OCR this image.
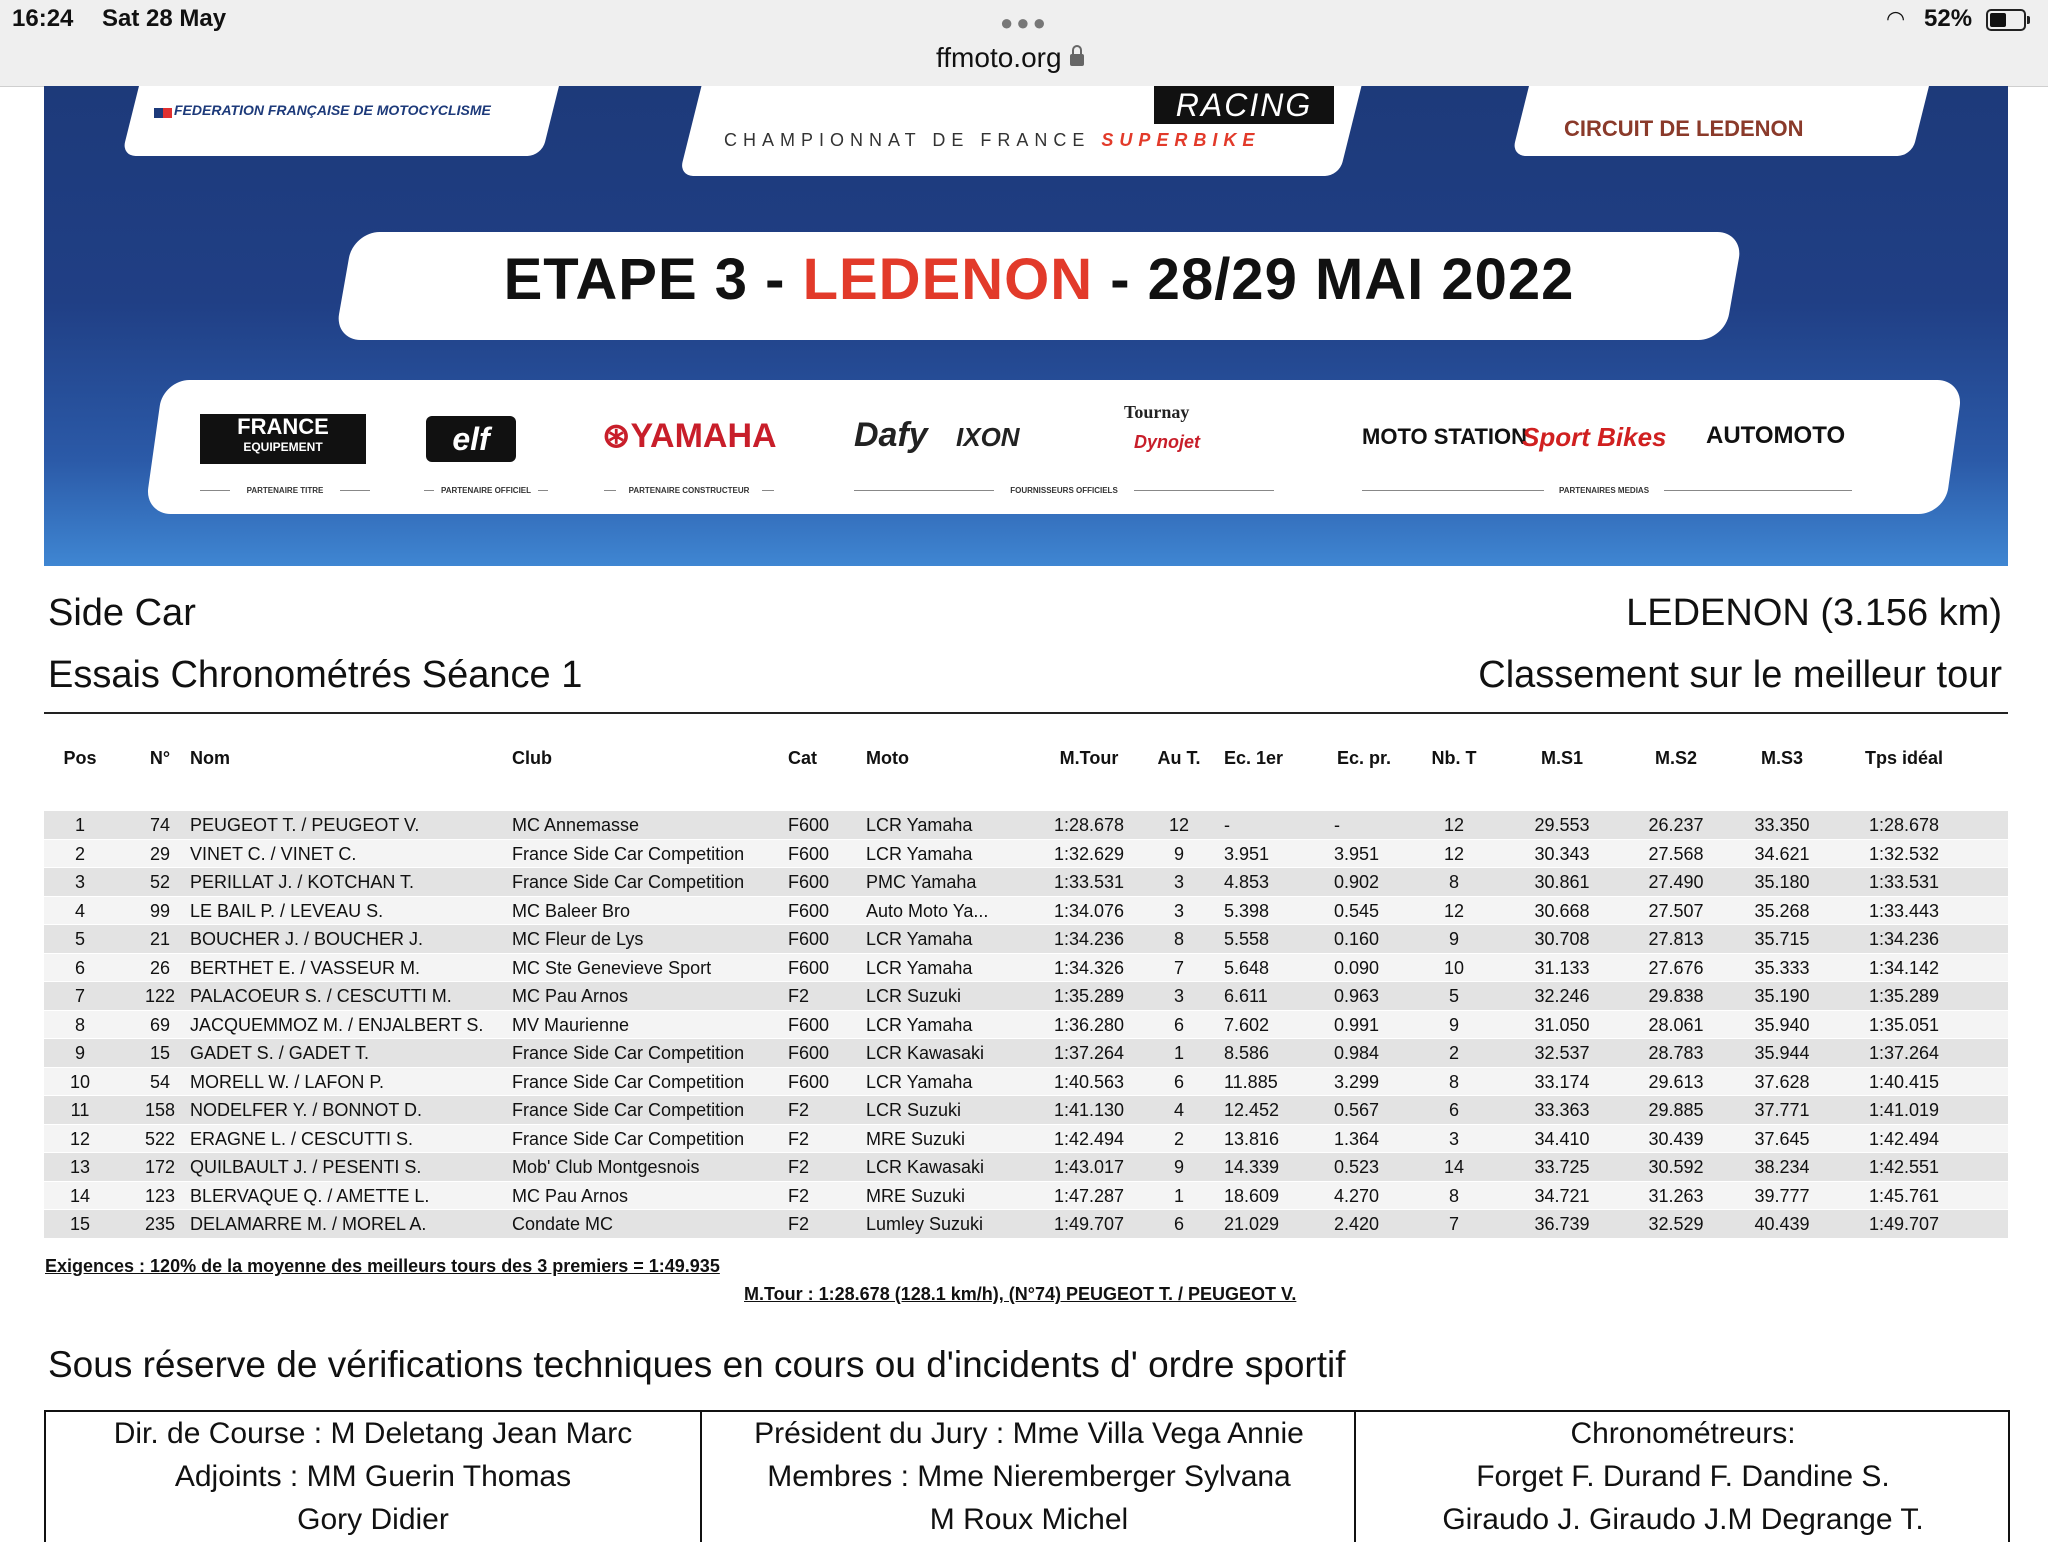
16:24 Sat 28 May	●●●
ffmoto.org
◠ 52%
FEDERATION FRANÇAISE DE MOTOCYCLISME	RACING
CHAMPIONNAT DE FRANCE SUPERBIKE	CIRCUIT DE LEDENON
ETAPE 3 - LEDENON - 28/29 MAI 2022
FRANCE
EQUIPEMENT	elf	⊛YAMAHA Dafy IXON
Tournay
Dynojet	MOTO STATION
Sport Bikes AUTOMOTO
PARTENAIRE TITRE	PARTENAIRE OFFICIEL	PARTENAIRE CONSTRUCTEUR	FOURNISSEURS OFFICIELS	PARTENAIRES MEDIAS
Side Car
Essais Chronométrés Séance 1
LEDENON (3.156 km)
Classement sur le meilleur tour
Pos	N°	Nom	Club	Cat	Moto	M.Tour	Au T.	Ec. 1er	Ec. pr.	Nb. T	M.S1	M.S2	M.S3	Tps idéal
1	74	PEUGEOT T. / PEUGEOT V.	MC Annemasse	F600	LCR Yamaha	1:28.678	12	-	-	12	29.553	26.237	33.350	1:28.678
2	29	VINET C. / VINET C.	France Side Car Competition	F600	LCR Yamaha	1:32.629	9	3.951	3.951	12	30.343	27.568	34.621	1:32.532
3	52	PERILLAT J. / KOTCHAN T.	France Side Car Competition	F600	PMC Yamaha	1:33.531	3	4.853	0.902	8	30.861	27.490	35.180	1:33.531
4	99	LE BAIL P. / LEVEAU S.	MC Baleer Bro	F600	Auto Moto Ya...	1:34.076	3	5.398	0.545	12	30.668	27.507	35.268	1:33.443
5	21	BOUCHER J. / BOUCHER J.	MC Fleur de Lys	F600	LCR Yamaha	1:34.236	8	5.558	0.160	9	30.708	27.813	35.715	1:34.236
6	26	BERTHET E. / VASSEUR M.	MC Ste Genevieve Sport	F600	LCR Yamaha	1:34.326	7	5.648	0.090	10	31.133	27.676	35.333	1:34.142
7	122 PALACOEUR S. / CESCUTTI M.	MC Pau Arnos	F2	LCR Suzuki	1:35.289	3	6.611	0.963	5	32.246	29.838	35.190	1:35.289
8	69	JACQUEMMOZ M. / ENJALBERT S.	MV Maurienne	F600	LCR Yamaha	1:36.280	6	7.602	0.991	9	31.050	28.061	35.940	1:35.051
9	15	GADET S. / GADET T.	France Side Car Competition	F600	LCR Kawasaki	1:37.264	1	8.586	0.984	2	32.537	28.783	35.944	1:37.264
10	54	MORELL W. / LAFON P.	France Side Car Competition	F600	LCR Yamaha	1:40.563	6	11.885	3.299	8	33.174	29.613	37.628	1:40.415
11	158 NODELFER Y. / BONNOT D.	France Side Car Competition	F2	LCR Suzuki	1:41.130	4	12.452	0.567	6	33.363	29.885	37.771	1:41.019
12	522 ERAGNE L. / CESCUTTI S.	France Side Car Competition	F2	MRE Suzuki	1:42.494	2	13.816	1.364	3	34.410	30.439	37.645	1:42.494
13	172 QUILBAULT J. / PESENTI S.	Mob' Club Montgesnois	F2	LCR Kawasaki	1:43.017	9	14.339	0.523	14	33.725	30.592	38.234	1:42.551
14	123 BLERVAQUE Q. / AMETTE L.	MC Pau Arnos	F2	MRE Suzuki	1:47.287	1	18.609	4.270	8	34.721	31.263	39.777	1:45.761
15	235 DELAMARRE M. / MOREL A.	Condate MC	F2	Lumley Suzuki	1:49.707	6	21.029	2.420	7	36.739	32.529	40.439	1:49.707
Exigences : 120% de la moyenne des meilleurs tours des 3 premiers = 1:49.935
M.Tour : 1:28.678 (128.1 km/h), (N°74) PEUGEOT T. / PEUGEOT V.
Sous réserve de vérifications techniques en cours ou d'incidents d' ordre sportif
Dir. de Course : M Deletang Jean Marc
Adjoints : MM Guerin Thomas
Gory Didier
Président du Jury : Mme Villa Vega Annie
Membres : Mme Nieremberger Sylvana
M Roux Michel
Chronométreurs:
Forget F. Durand F. Dandine S.
Giraudo J. Giraudo J.M Degrange T.
